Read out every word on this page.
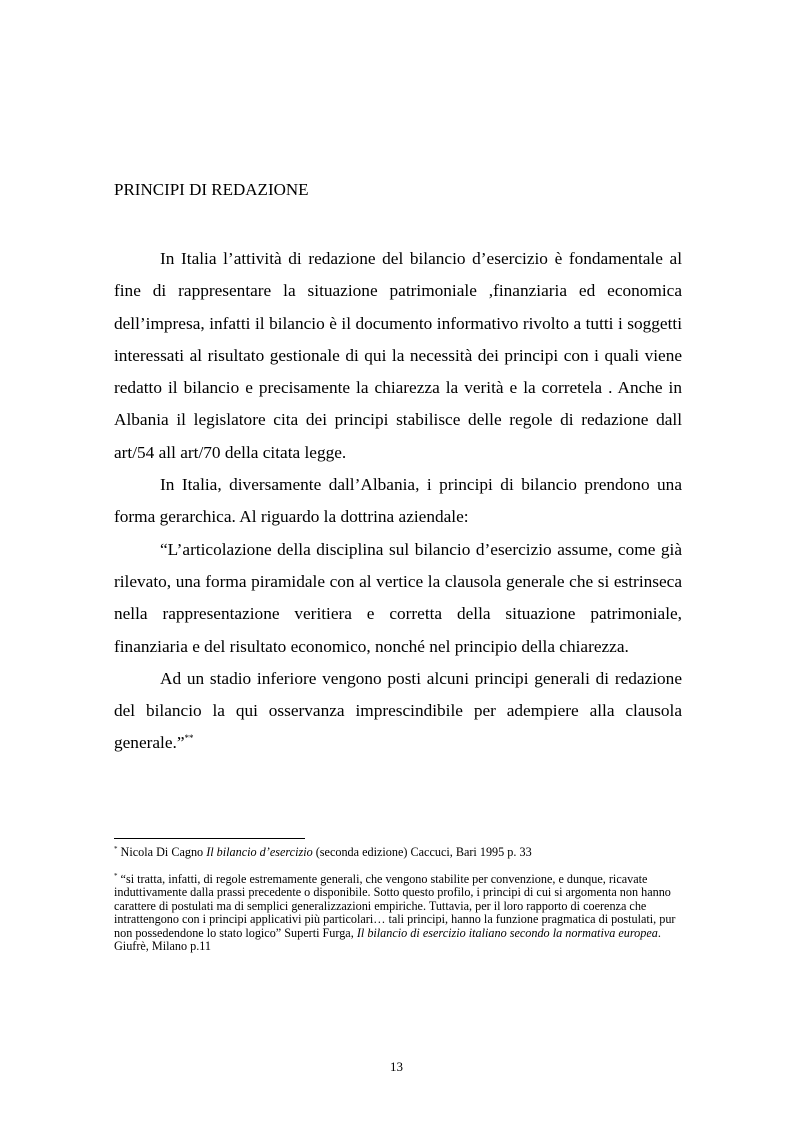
PRINCIPI DI REDAZIONE

In Italia l’attività di redazione del bilancio d’esercizio è fondamentale al fine di rappresentare la situazione patrimoniale ,finanziaria ed economica dell’impresa, infatti il bilancio è il documento informativo rivolto a tutti i soggetti interessati al risultato gestionale di qui la necessità dei principi con i quali viene redatto il bilancio e precisamente la chiarezza la verità e la corretela . Anche in Albania il legislatore cita dei principi stabilisce delle regole di redazione dall art/54 all art/70 della citata legge.

In Italia, diversamente dall’Albania, i principi di bilancio prendono una forma gerarchica. Al riguardo la dottrina aziendale:

“L’articolazione della disciplina sul bilancio d’esercizio assume, come già rilevato, una forma piramidale con al vertice la clausola generale che si estrinseca nella rappresentazione veritiera e corretta della situazione patrimoniale, finanziaria e del risultato economico, nonché nel principio della chiarezza.

Ad un stadio inferiore vengono posti alcuni principi generali di redazione del bilancio la qui osservanza imprescindibile per adempiere alla clausola generale.”**

* Nicola Di Cagno Il bilancio d’esercizio (seconda edizione) Caccuci, Bari 1995 p. 33

* “si tratta, infatti, di regole estremamente generali, che vengono stabilite per convenzione, e dunque, ricavate induttivamente dalla prassi precedente o disponibile. Sotto questo profilo, i principi di cui si argomenta non hanno carattere di postulati ma di semplici generalizzazioni empiriche. Tuttavia, per il loro rapporto di coerenza che intrattengono con i principi applicativi più particolari… tali principi, hanno la funzione pragmatica di postulati, pur non possedendone lo stato logico” Superti Furga, Il bilancio di esercizio italiano secondo la normativa europea. Giufrè, Milano p.11

13
